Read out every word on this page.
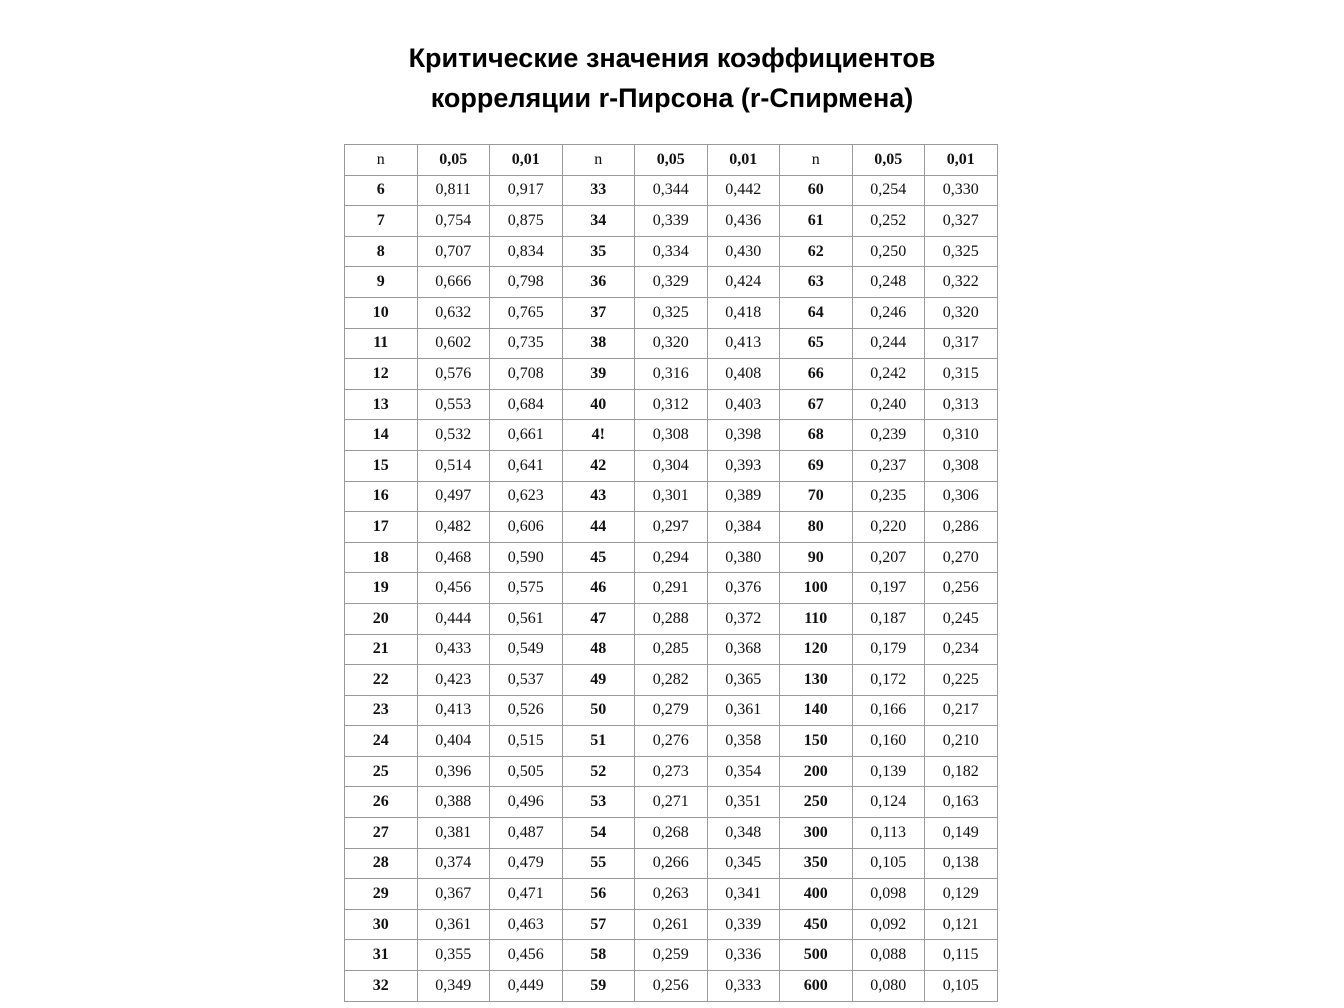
Критические значения коэффициентов
корреляции r-Пирсона (r-Спирмена)
n	0,05	0,01	n	0,05	0,01	n	0,05	0,01
6	0,811	0,917	33	0,344	0,442	60	0,254	0,330
7	0,754	0,875	34	0,339	0,436	61	0,252	0,327
8	0,707	0,834	35	0,334	0,430	62	0,250	0,325
9	0,666	0,798	36	0,329	0,424	63	0,248	0,322
10	0,632	0,765	37	0,325	0,418	64	0,246	0,320
11	0,602	0,735	38	0,320	0,413	65	0,244	0,317
12	0,576	0,708	39	0,316	0,408	66	0,242	0,315
13	0,553	0,684	40	0,312	0,403	67	0,240	0,313
14	0,532	0,661	4!	0,308	0,398	68	0,239	0,310
15	0,514	0,641	42	0,304	0,393	69	0,237	0,308
16	0,497	0,623	43	0,301	0,389	70	0,235	0,306
17	0,482	0,606	44	0,297	0,384	80	0,220	0,286
18	0,468	0,590	45	0,294	0,380	90	0,207	0,270
19	0,456	0,575	46	0,291	0,376	100	0,197	0,256
20	0,444	0,561	47	0,288	0,372	110	0,187	0,245
21	0,433	0,549	48	0,285	0,368	120	0,179	0,234
22	0,423	0,537	49	0,282	0,365	130	0,172	0,225
23	0,413	0,526	50	0,279	0,361	140	0,166	0,217
24	0,404	0,515	51	0,276	0,358	150	0,160	0,210
25	0,396	0,505	52	0,273	0,354	200	0,139	0,182
26	0,388	0,496	53	0,271	0,351	250	0,124	0,163
27	0,381	0,487	54	0,268	0,348	300	0,113	0,149
28	0,374	0,479	55	0,266	0,345	350	0,105	0,138
29	0,367	0,471	56	0,263	0,341	400	0,098	0,129
30	0,361	0,463	57	0,261	0,339	450	0,092	0,121
31	0,355	0,456	58	0,259	0,336	500	0,088	0,115
32	0,349	0,449	59	0,256	0,333	600	0,080	0,105
